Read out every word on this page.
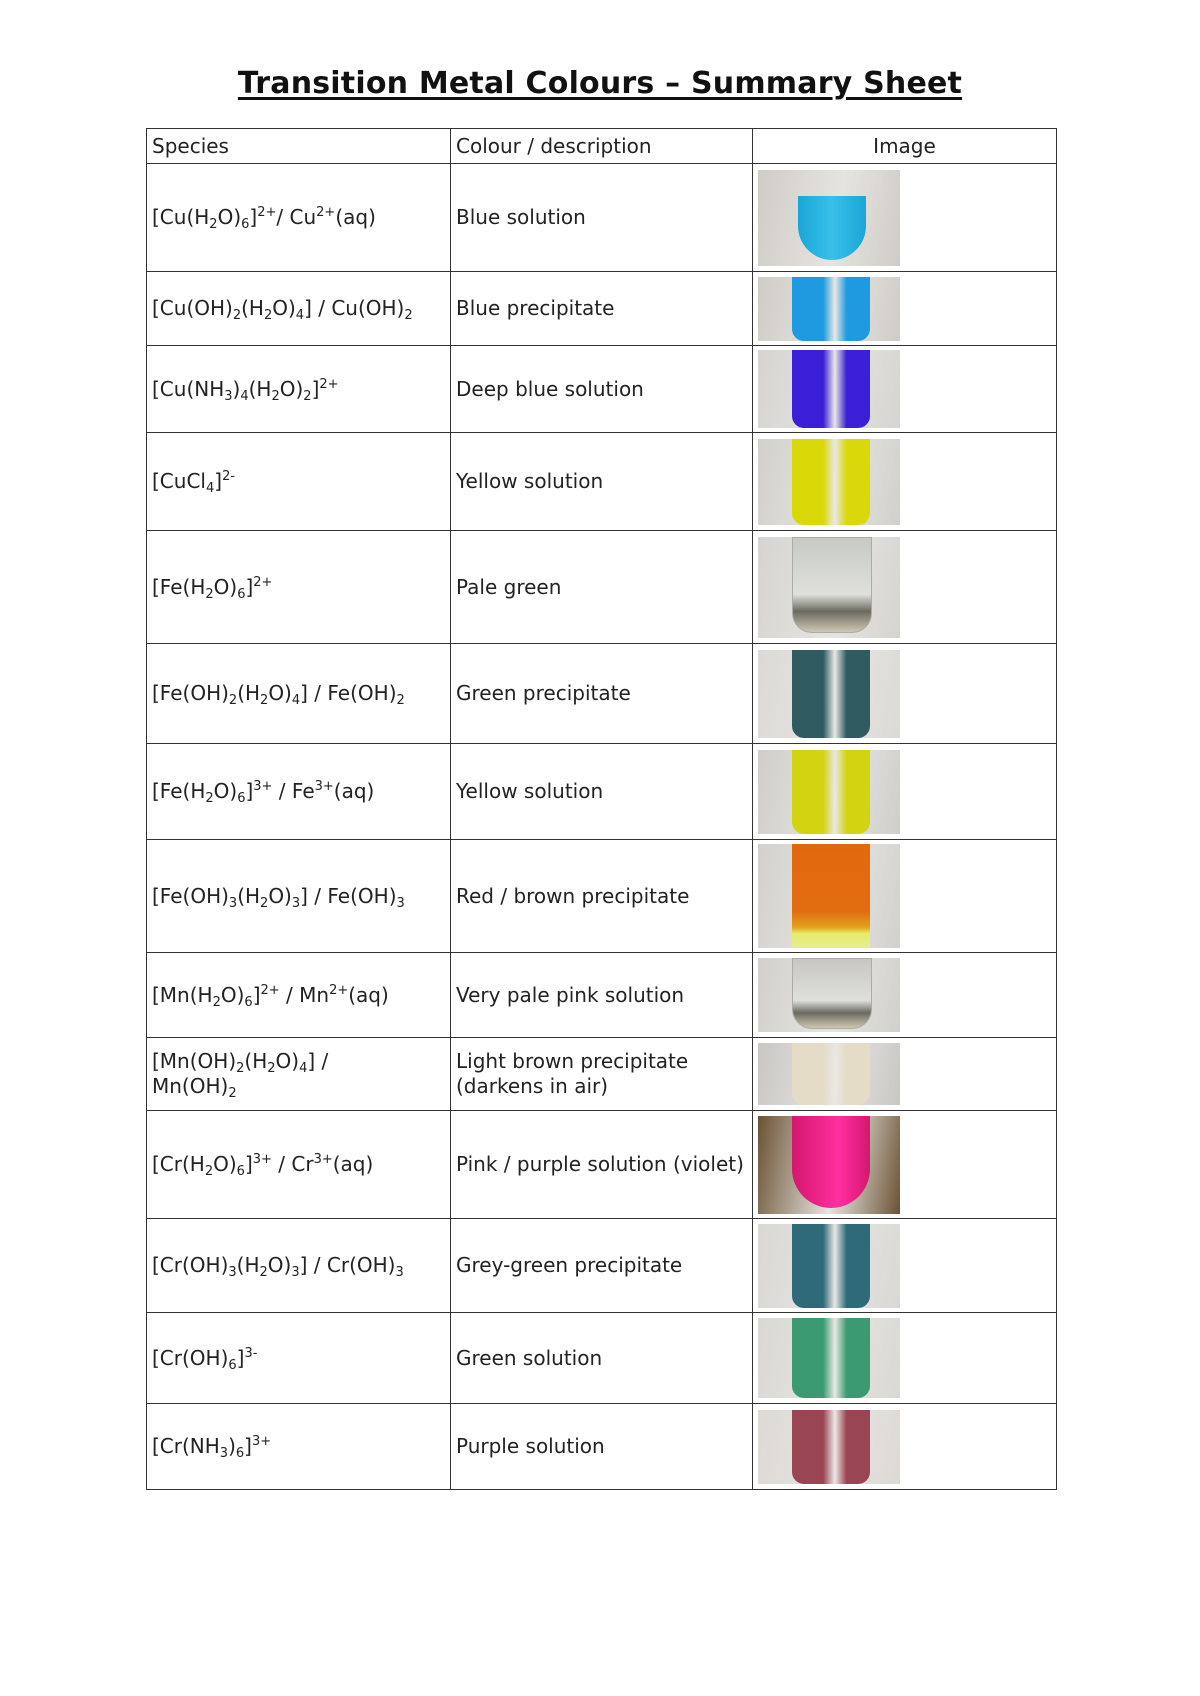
Transition Metal Colours – Summary Sheet
Species	Colour / description	Image
$[Cu(H_2O)_6]^{2+}/$ $Cu^{2+}(aq)$	Blue solution	

$[Cu(OH)_2(H_2O)_4] / Cu(OH)_2$	Blue precipitate	

$[Cu(NH_3)_4(H_2O)_2]^{2+}$	Deep blue solution	

[CuCl$_4$]$^{2-}$	Yellow solution	

$[Fe(H_2O)_6]^{2+}$	Pale green	

$[Fe(OH)_2(H_2O)_4] / Fe(OH)_2$	Green precipitate	

$[Fe(H_2O)_6]^{3+} / Fe^{3+}(aq)$	Yellow solution	

$[Fe(OH)_3(H_2O)_3] / Fe(OH)_3$	Red / brown precipitate	

$[Mn(H_2O)_6]^{2+} / Mn^{2+}(aq)$	Very pale pink solution	

$[Mn(OH)_2(H_2O)_4]$ /
$Mn(OH)_2$	Light brown precipitate (darkens in air)	

$[Cr(H_2O)_6]^{3+} / Cr^{3+}(aq)$	Pink / purple solution (violet)	

$[Cr(OH)_3(H_2O)_3] / Cr(OH)_3$	Grey-green precipitate	

$[Cr(OH)_6]^{3-}$	Green solution	

$[Cr(NH_3)_6]^{3+}$	Purple solution	
